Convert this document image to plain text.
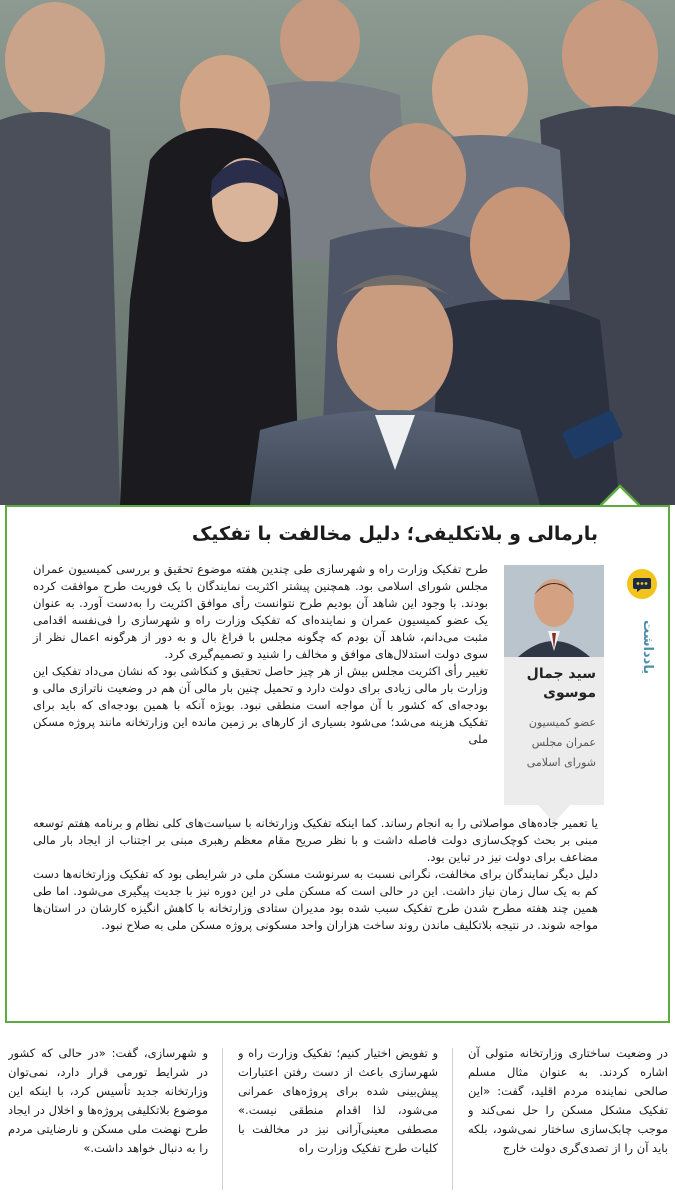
بارمالی و بلاتکلیفی؛ دلیل مخالفت با تفکیک
یادداشت
سید جمال موسوی
عضو کمیسیون عمران مجلس شورای اسلامی

طرح تفکیک وزارت راه و شهرسازی طی چندین هفته موضوع تحقیق و بررسی کمیسیون عمران مجلس شورای اسلامی بود. همچنین پیشتر اکثریت نمایندگان با یک فوریت طرح موافقت کرده بودند. با وجود این شاهد آن بودیم طرح نتوانست رأی موافق اکثریت را به‌دست آورد. به عنوان یک عضو کمیسیون عمران و نماینده‌ای که تفکیک وزارت راه و شهرسازی را فی‌نفسه اقدامی مثبت می‌دانم، شاهد آن بودم که چگونه مجلس با فراغ بال و به دور از هرگونه اعمال نظر از سوی دولت استدلال‌های موافق و مخالف را شنید و تصمیم‌گیری کرد.

تغییر رأی اکثریت مجلس بیش از هر چیز حاصل تحقیق و کنکاشی بود که نشان می‌داد تفکیک این وزارت بار مالی زیادی برای دولت دارد و تحمیل چنین بار مالی آن هم در وضعیت ناترازی مالی و بودجه‌ای که کشور با آن مواجه است منطقی نبود. بویژه آنکه با همین بودجه‌ای که باید برای تفکیک هزینه می‌شد؛ می‌شود بسیاری از کارهای بر زمین مانده این وزارتخانه مانند پروژه مسکن ملی

یا تعمیر جاده‌های مواصلاتی را به انجام رساند. کما اینکه تفکیک وزارتخانه با سیاست‌های کلی نظام و برنامه هفتم توسعه مبنی بر بحث کوچک‌سازی دولت فاصله داشت و با نظر صریح مقام معظم رهبری مبنی بر اجتناب از ایجاد بار مالی مضاعف برای دولت نیز در تباین بود.

دلیل دیگر نمایندگان برای مخالفت، نگرانی نسبت به سرنوشت مسکن ملی در شرایطی بود که تفکیک وزارتخانه‌ها دست کم به یک سال زمان نیاز داشت. این در حالی است که مسکن ملی در این دوره نیز با جدیت پیگیری می‌شود. اما طی همین چند هفته مطرح شدن طرح تفکیک سبب شده بود مدیران ستادی وزارتخانه با کاهش انگیزه کارشان در استان‌ها مواجه شوند. در نتیجه بلاتکلیف ماندن روند ساخت هزاران واحد مسکونی پروژه مسکن ملی به صلاح نبود.

در وضعیت ساختاری وزارتخانه متولی آن اشاره کردند. به عنوان مثال مسلم صالحی نماینده مردم اقلید، گفت: «این تفکیک مشکل مسکن را حل نمی‌کند و موجب چابک‌سازی ساختار نمی‌شود، بلکه باید آن را از تصدی‌گری دولت خارج

و تفویض اختیار کنیم؛ تفکیک وزارت راه و شهرسازی باعث از دست رفتن اعتبارات پیش‌بینی شده برای پروژه‌های عمرانی می‌شود، لذا اقدام منطقی نیست.» مصطفی معینی‌آرانی نیز در مخالفت با کلیات طرح تفکیک وزارت راه

و شهرسازی، گفت: «در حالی که کشور در شرایط تورمی قرار دارد، نمی‌توان وزارتخانه جدید تأسیس کرد، با اینکه این موضوع بلاتکلیفی پروژه‌ها و اخلال در ایجاد طرح نهضت ملی مسکن و نارضایتی مردم را به دنبال خواهد داشت.»
